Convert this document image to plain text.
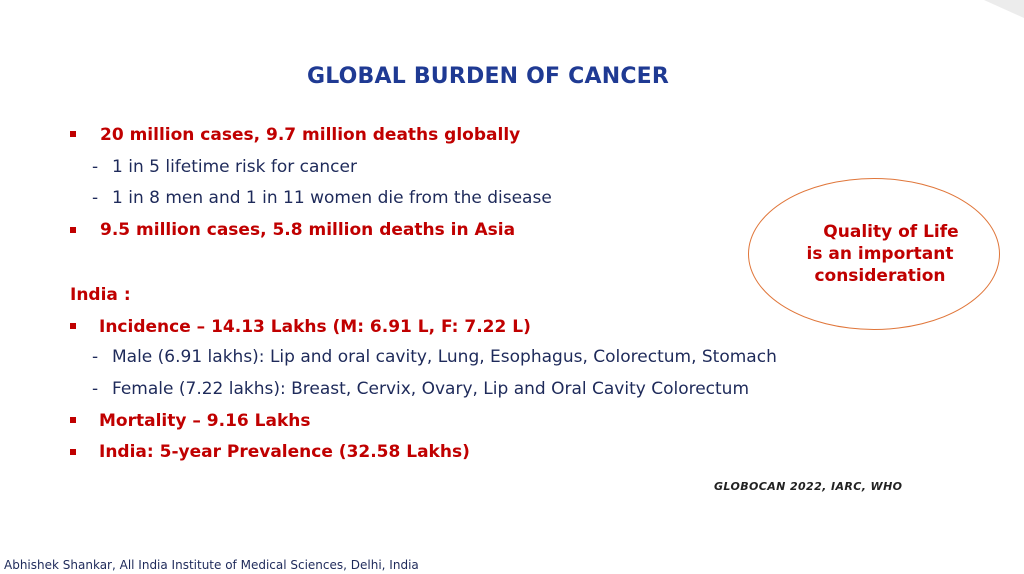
GLOBAL BURDEN OF CANCER
20 million cases, 9.7 million deaths globally
- 1 in 5 lifetime risk for cancer
- 1 in 8 men and 1 in 11 women die from the disease
9.5 million cases, 5.8 million deaths in Asia
India :
Incidence – 14.13 Lakhs (M: 6.91 L, F: 7.22 L)
- Male (6.91 lakhs): Lip and oral cavity, Lung, Esophagus, Colorectum, Stomach
- Female (7.22 lakhs): Breast, Cervix, Ovary, Lip and Oral Cavity Colorectum
Mortality – 9.16 Lakhs
India: 5-year Prevalence (32.58 Lakhs)
Quality of Life
is an important
consideration
GLOBOCAN 2022, IARC, WHO
Abhishek Shankar, All India Institute of Medical Sciences, Delhi, India
